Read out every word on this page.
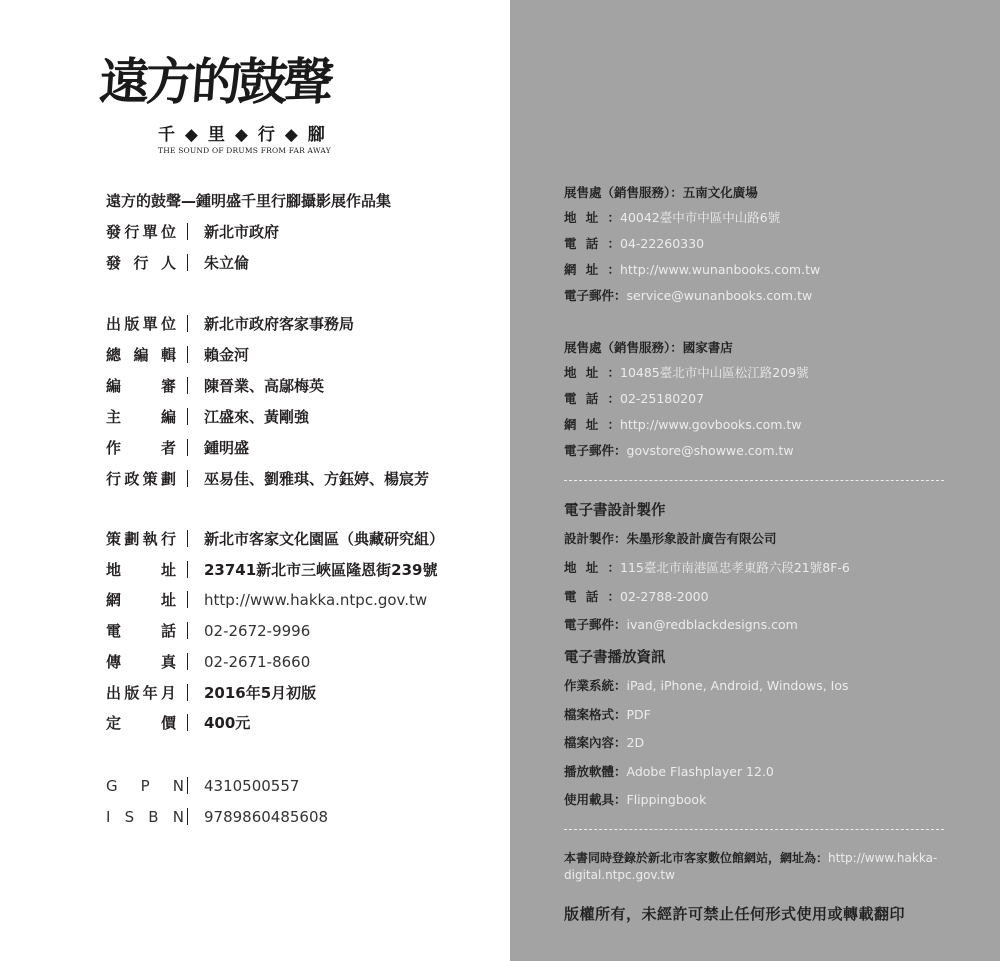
遠方的鼓聲
千 ◆ 里 ◆ 行 ◆ 腳
THE SOUND OF DRUMS FROM FAR AWAY
遠方的鼓聲—鍾明盛千里行腳攝影展作品集
發 行 單 位 新北市政府
發 行 人 朱立倫
出 版 單 位 新北市政府客家事務局
總 編 輯 賴金河
編	審 陳晉業、高鄔梅英
主	編 江盛來、黃剛強
作	者 鍾明盛
行 政 策 劃 巫易佳、劉雅琪、方鈺婷、楊宸芳
策 劃 執 行 新北市客家文化園區（典藏研究組）
地	址 23741新北市三峽區隆恩街239號
網	址 http://www.hakka.ntpc.gov.tw
電	話 02-2672-9996
傳	真 02-2671-8660
出 版 年 月 2016年5月初版
定	價 400元
G P N 4310500557
I S B N 9789860485608
展售處（銷售服務）：五南文化廣場
地 址 ： 40042臺中市中區中山路6號
電 話 ： 04-22260330
網 址 ： http://www.wunanbooks.com.tw
電子郵件：service@wunanbooks.com.tw
展售處（銷售服務）：國家書店
地 址 ： 10485臺北市中山區松江路209號
電 話 ： 02-25180207
網 址 ： http://www.govbooks.com.tw
電子郵件：govstore@showwe.com.tw
電子書設計製作
設計製作：朱墨形象設計廣告有限公司
地 址 ： 115臺北市南港區忠孝東路六段21號8F-6
電 話 ： 02-2788-2000
電子郵件：ivan@redblackdesigns.com
電子書播放資訊
作業系統：iPad, iPhone, Android, Windows, Ios
檔案格式：PDF
檔案內容：2D
播放軟體：Adobe Flashplayer 12.0
使用載具：Flippingbook
本書同時登錄於新北市客家數位館網站，網址為：http://www.hakka-digital.ntpc.gov.tw
版權所有，未經許可禁止任何形式使用或轉載翻印
